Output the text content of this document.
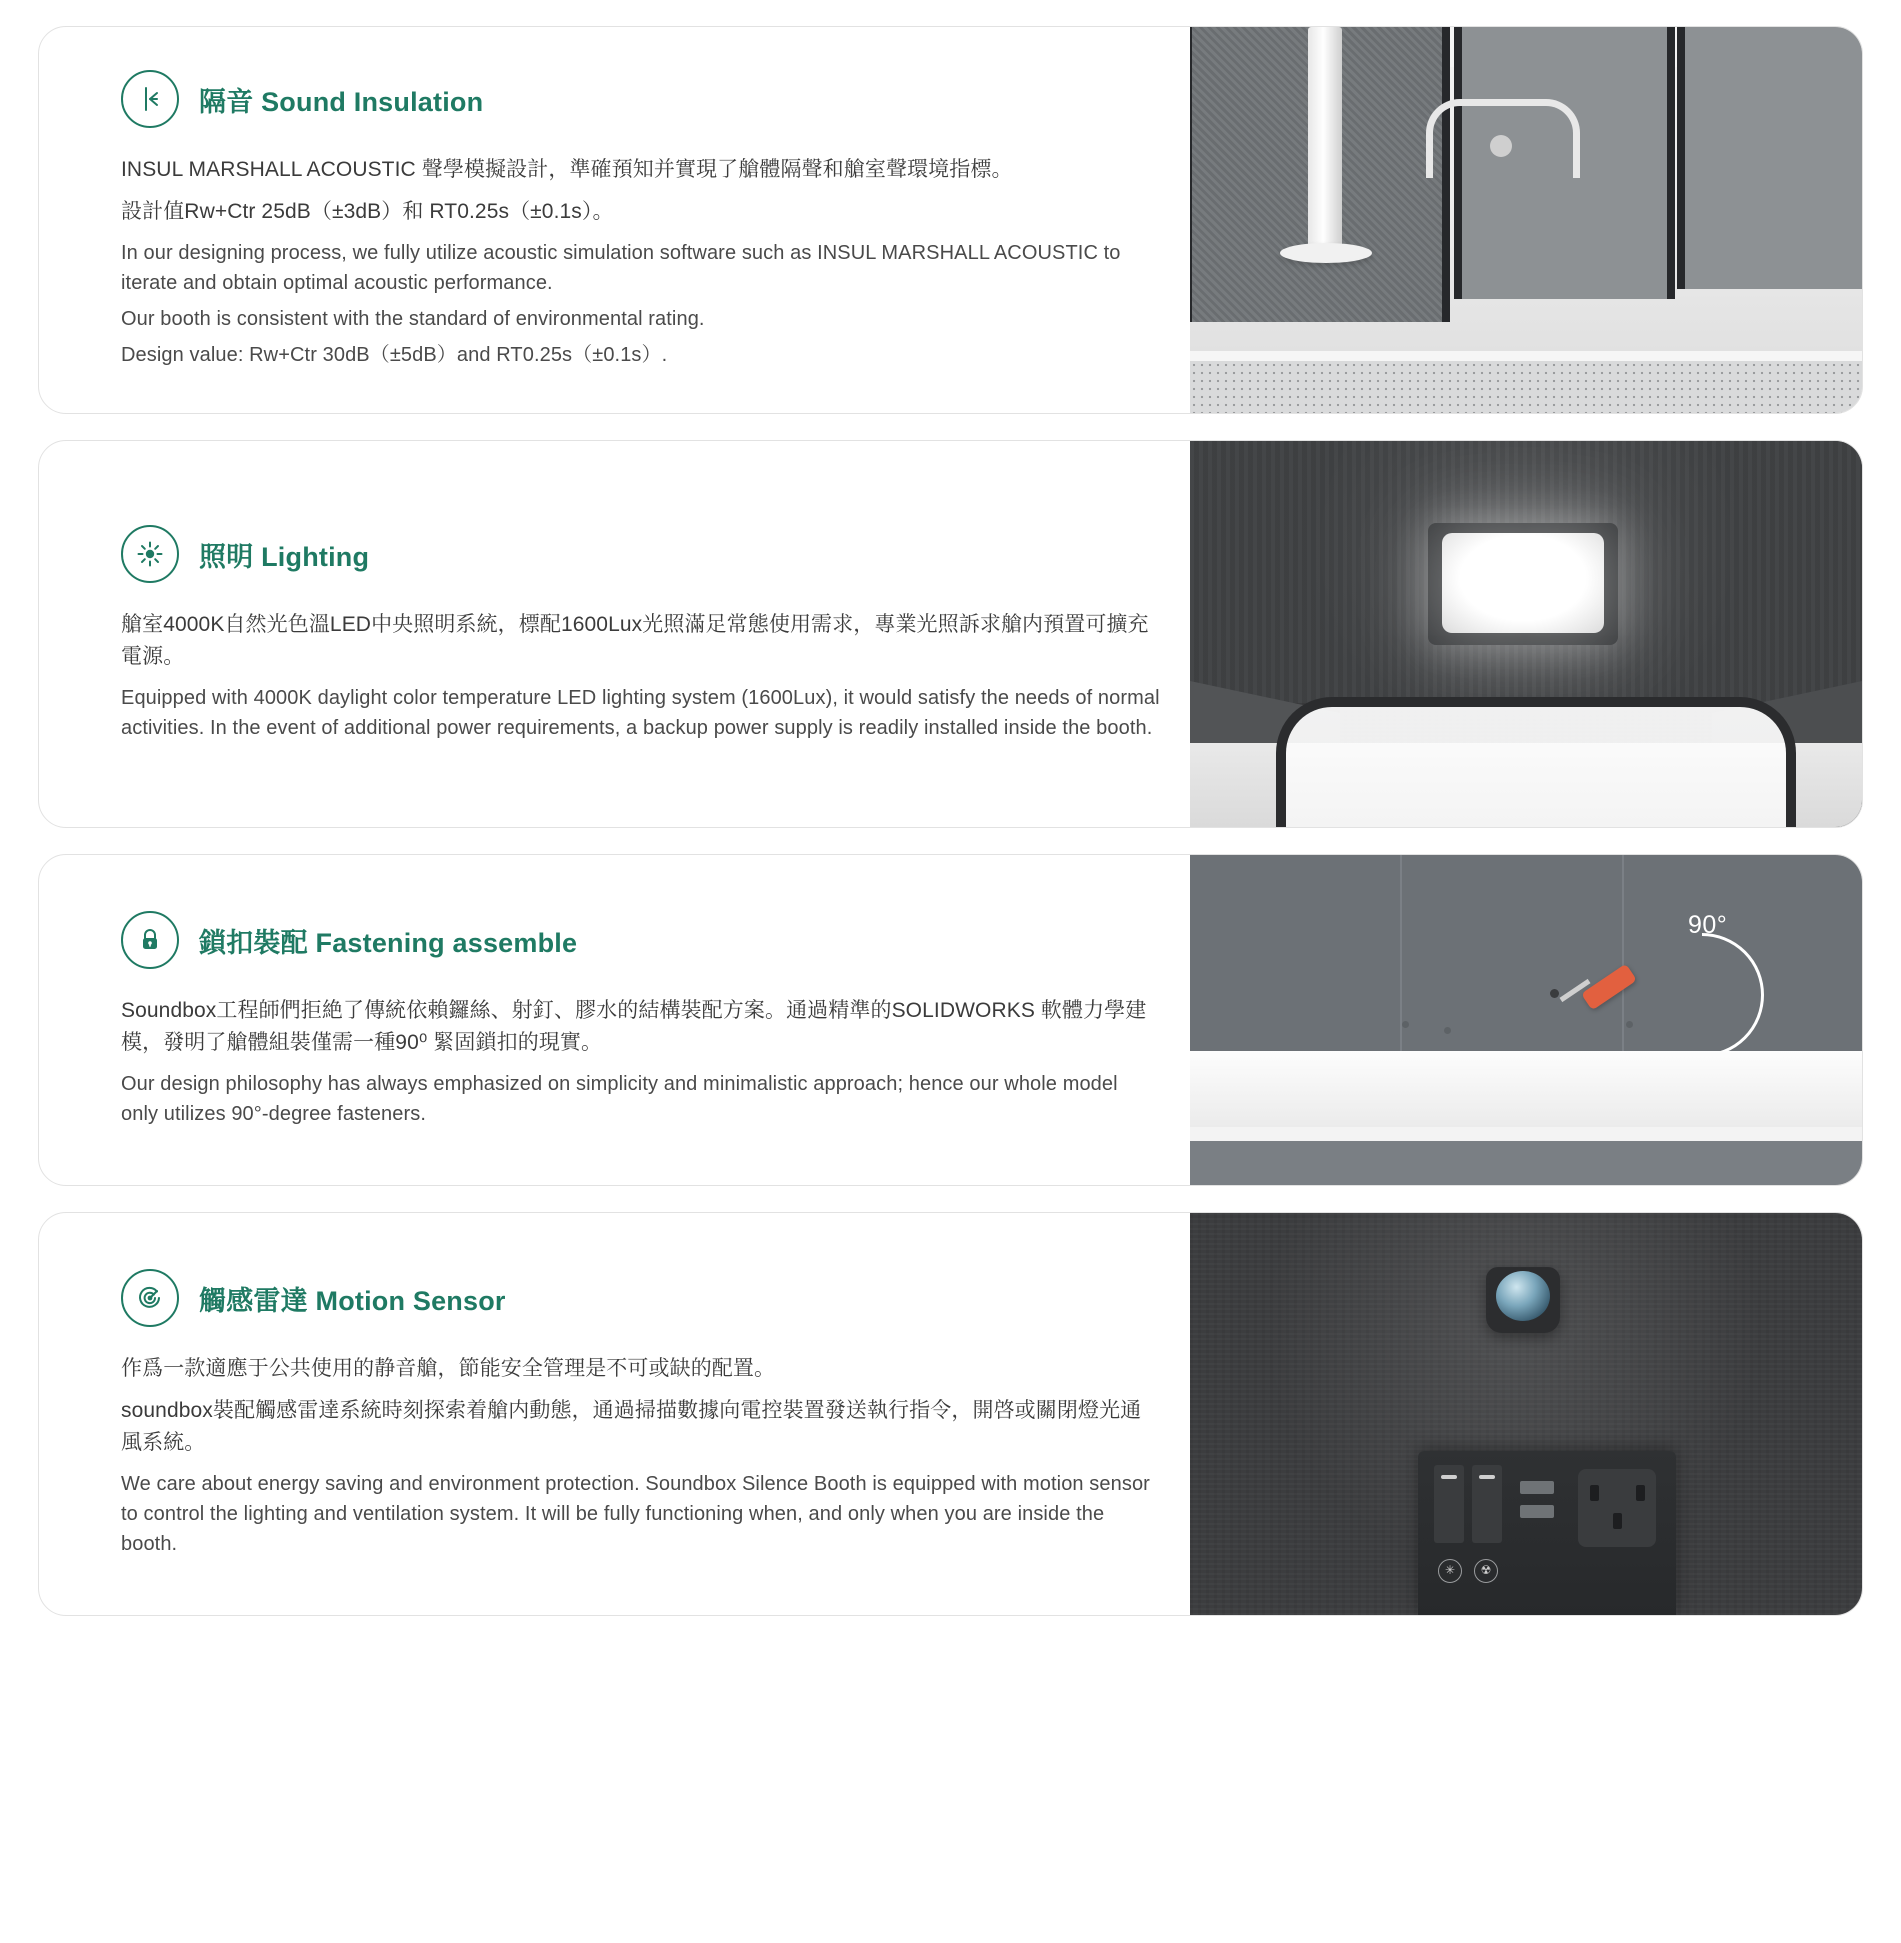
隔音 Sound Insulation

INSUL MARSHALL ACOUSTIC 聲學模擬設計，準確預知并實現了艙體隔聲和艙室聲環境指標。

設計值Rw+Ctr 25dB（±3dB）和 RT0.25s（±0.1s）。

In our designing process, we fully utilize acoustic simulation software such as INSUL MARSHALL ACOUSTIC to iterate and obtain optimal acoustic performance.

Our booth is consistent with the standard of environmental rating.

Design value: Rw+Ctr 30dB（±5dB）and RT0.25s（±0.1s）.

照明 Lighting

艙室4000K自然光色溫LED中央照明系統，標配1600Lux光照滿足常態使用需求，專業光照訴求艙内預置可擴充電源。

Equipped with 4000K daylight color temperature LED lighting system (1600Lux), it would satisfy the needs of normal activities. In the event of additional power requirements, a backup power supply is readily installed inside the booth.

鎖扣裝配 Fastening assemble

Soundbox工程師們拒絶了傳統依賴鑼絲、射釘、膠水的結構裝配方案。通過精準的SOLIDWORKS 軟體力學建模，發明了艙體組裝僅需一種90⁰ 緊固鎖扣的現實。

Our design philosophy has always emphasized on simplicity and minimalistic approach; hence our whole model only utilizes 90°-degree fasteners.

90°
觸感雷達 Motion Sensor

作爲一款適應于公共使用的静音艙，節能安全管理是不可或缺的配置。

soundbox裝配觸感雷達系統時刻探索着艙内動態，通過掃描數據向電控裝置發送執行指令，開啓或關閉燈光通風系統。

We care about energy saving and environment protection. Soundbox Silence Booth is equipped with motion sensor to control the lighting and ventilation system. It will be fully functioning when, and only when you are inside the booth.

✳	☢
